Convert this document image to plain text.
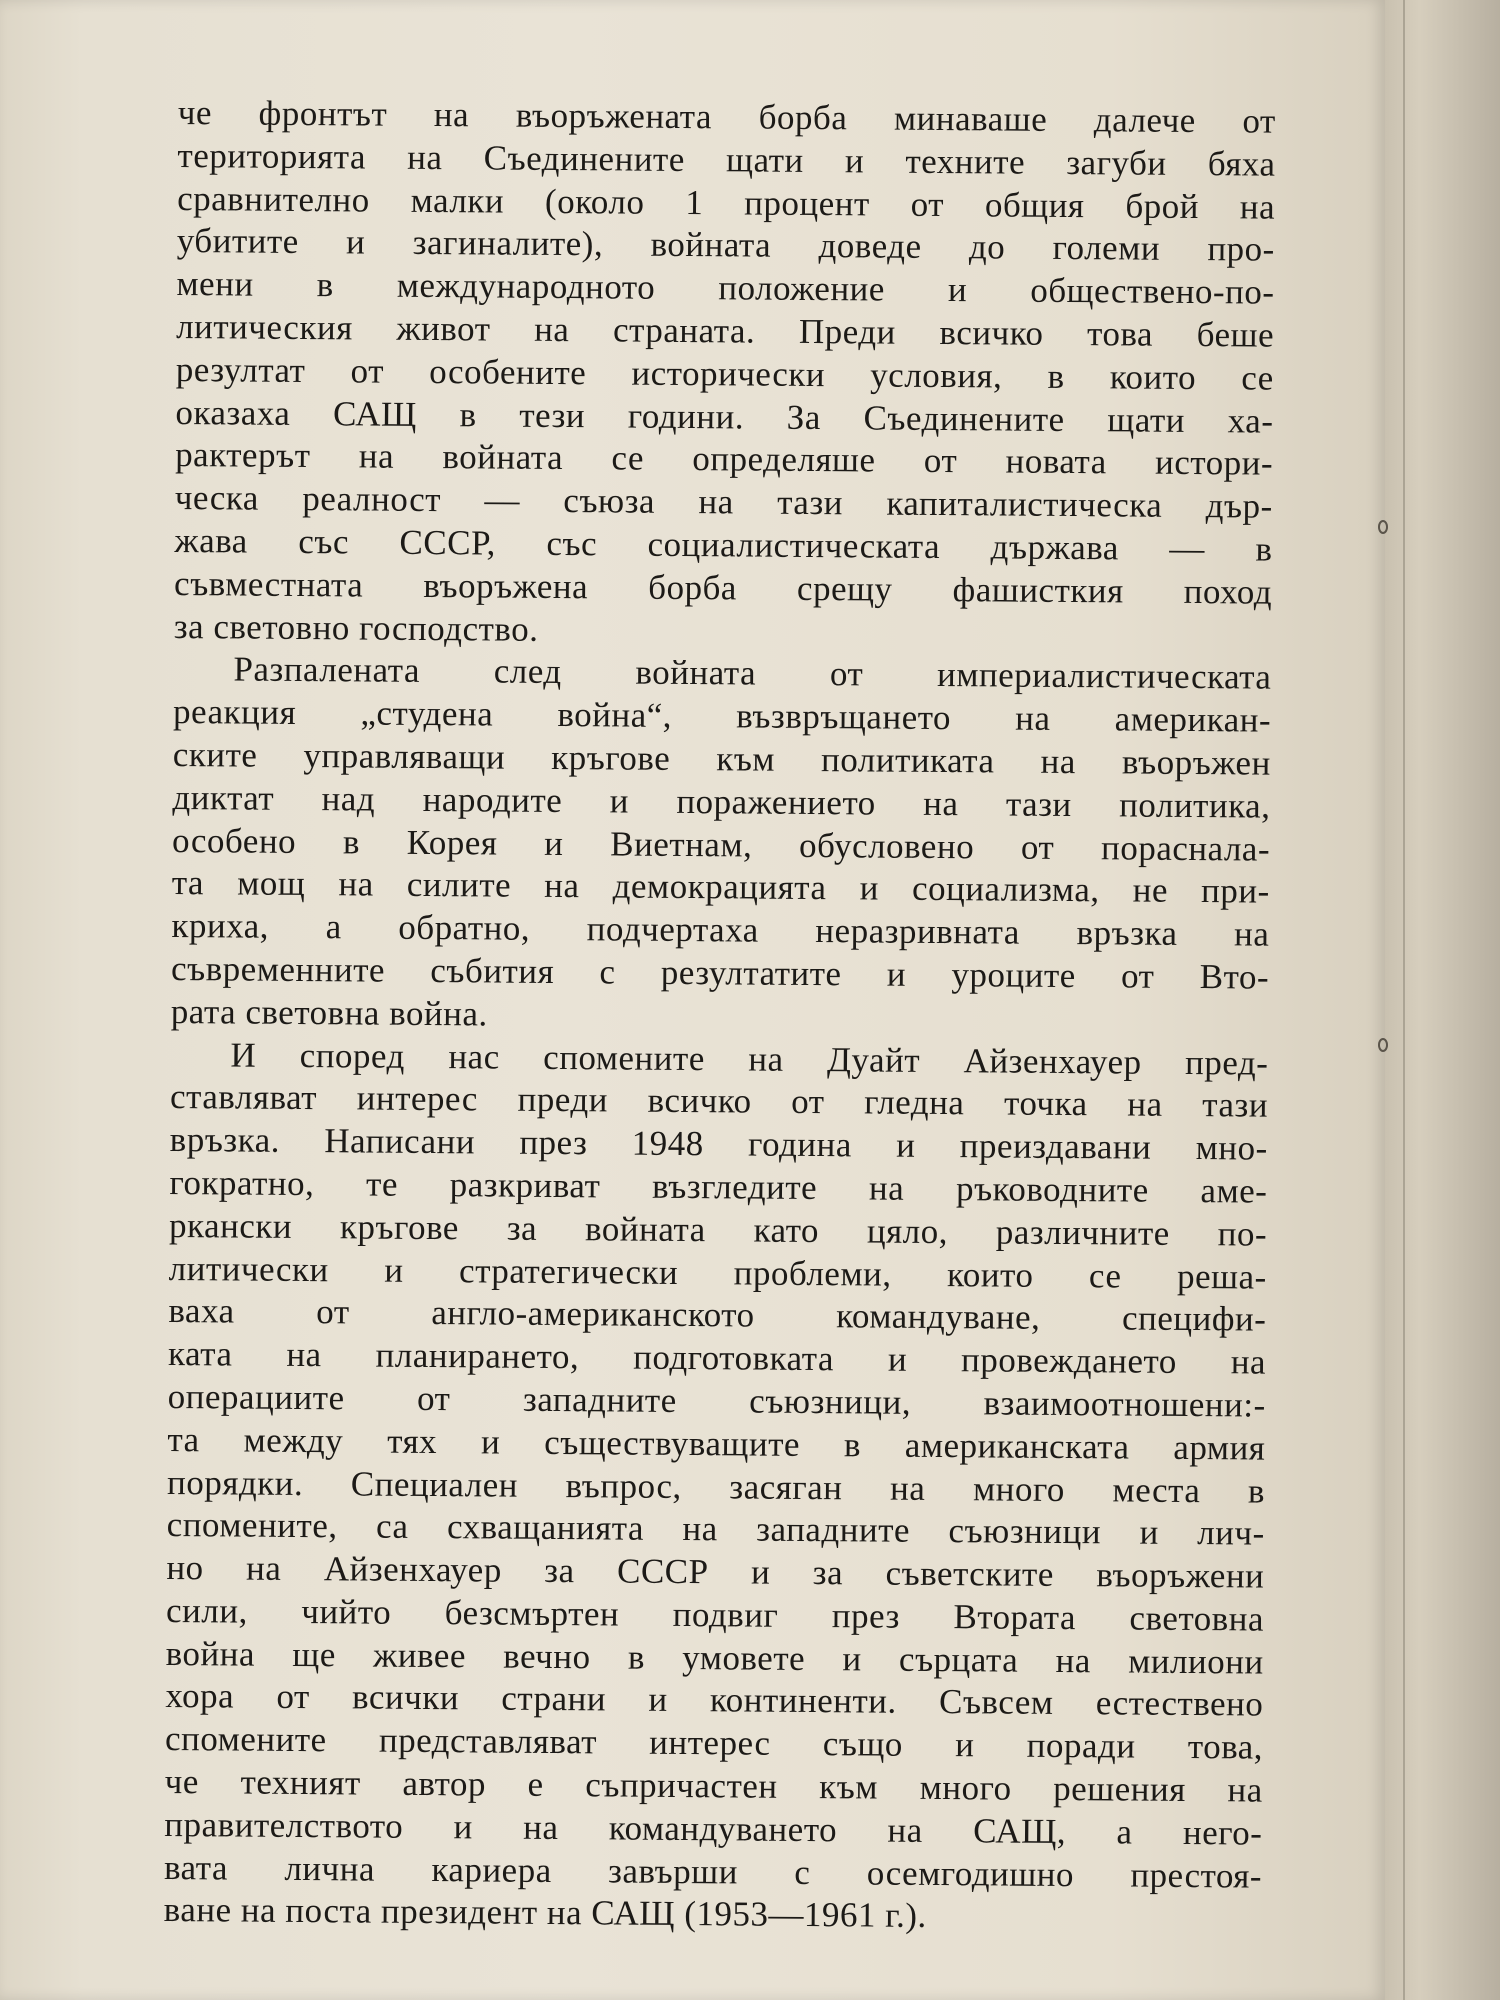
че фронтът на въоръжената борба минаваше далече от
територията на Съединените щати и техните загуби бяха
сравнително малки (около 1 процент от общия брой на
убитите и загиналите), войната доведе до големи про-
мени в международното положение и обществено-по-
литическия живот на страната. Преди всичко това беше
резултат от особените исторически условия, в които се
оказаха САЩ в тези години. За Съединените щати ха-
рактерът на войната се определяше от новата истори-
ческа реалност — съюза на тази капиталистическа дър-
жава със СССР, със социалистическата държава — в
съвместната въоръжена борба срещу фашисткия поход
за световно господство.
Разпалената след войната от империалистическата
реакция „студена война“, възвръщането на американ-
ските управляващи кръгове към политиката на въоръжен
диктат над народите и поражението на тази политика,
особено в Корея и Виетнам, обусловено от пораснала-
та мощ на силите на демокрацията и социализма, не при-
криха, а обратно, подчертаха неразривната връзка на
съвременните събития с резултатите и уроците от Вто-
рата световна война.
И според нас спомените на Дуайт Айзенхауер пред-
ставляват интерес преди всичко от гледна точка на тази
връзка. Написани през 1948 година и преиздавани мно-
гократно, те разкриват възгледите на ръководните аме-
ркански кръгове за войната като цяло, различните по-
литически и стратегически проблеми, които се реша-
ваха от англо-американското командуване, специфи-
ката на планирането, подготовката и провеждането на
операциите от западните съюзници, взаимоотношени:-
та между тях и съществуващите в американската армия
порядки. Специален въпрос, засяган на много места в
спомените, са схващанията на западните съюзници и лич-
но на Айзенхауер за СССР и за съветските въоръжени
сили, чийто безсмъртен подвиг през Втората световна
война ще живее вечно в умовете и сърцата на милиони
хора от всички страни и континенти. Съвсем естествено
спомените представляват интерес също и поради това,
че техният автор е съпричастен към много решения на
правителството и на командуването на САЩ, а него-
вата лична кариера завърши с осемгодишно престоя-
ване на поста президент на САЩ (1953—1961 г.).
